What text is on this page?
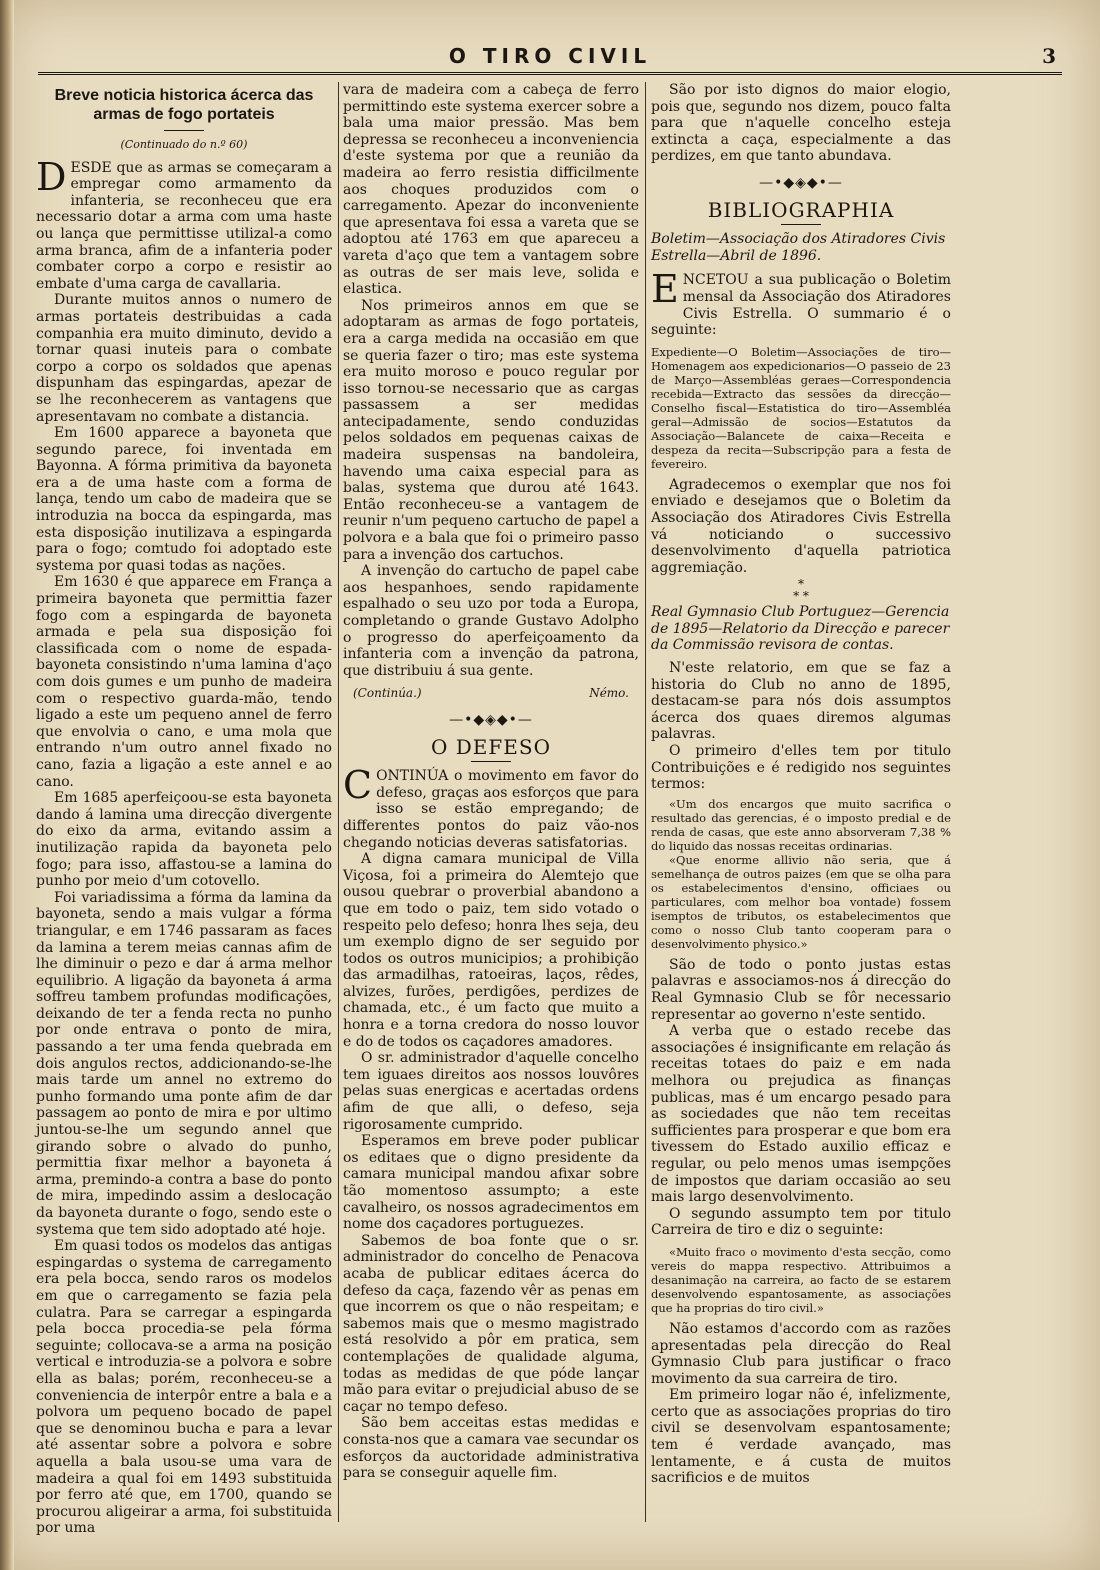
O TIRO CIVIL	3
Breve noticia historica ácerca das armas de fogo portateis
(Continuado do n.º 60)

DESDE que as armas se começaram a empregar como armamento da infanteria, se reconheceu que era necessario dotar a arma com uma haste ou lança que permittisse utilizal-a como arma branca, afim de a infanteria poder combater corpo a corpo e resistir ao embate d'uma carga de cavallaria.

Durante muitos annos o numero de armas portateis destribuidas a cada companhia era muito diminuto, devido a tornar quasi inuteis para o combate corpo a corpo os soldados que apenas dispunham das espingardas, apezar de se lhe reconhecerem as vantagens que apresentavam no combate a distancia.

Em 1600 apparece a bayoneta que segundo parece, foi inventada em Bayonna. A fórma primitiva da bayoneta era a de uma haste com a forma de lança, tendo um cabo de madeira que se introduzia na bocca da espingarda, mas esta disposição inutilizava a espingarda para o fogo; comtudo foi adoptado este systema por quasi todas as nações.

Em 1630 é que apparece em França a primeira bayoneta que permittia fazer fogo com a espingarda de bayoneta armada e pela sua disposição foi classificada com o nome de espada-bayoneta consistindo n'uma lamina d'aço com dois gumes e um punho de madeira com o respectivo guarda-mão, tendo ligado a este um pequeno annel de ferro que envolvia o cano, e uma mola que entrando n'um outro annel fixado no cano, fazia a ligação a este annel e ao cano.

Em 1685 aperfeiçoou-se esta bayoneta dando á lamina uma direcção divergente do eixo da arma, evitando assim a inutilização rapida da bayoneta pelo fogo; para isso, affastou-se a lamina do punho por meio d'um cotovello.

Foi variadissima a fórma da lamina da bayoneta, sendo a mais vulgar a fórma triangular, e em 1746 passaram as faces da lamina a terem meias cannas afim de lhe diminuir o pezo e dar á arma melhor equilibrio. A ligação da bayoneta á arma soffreu tambem profundas modificações, deixando de ter a fenda recta no punho por onde entrava o ponto de mira, passando a ter uma fenda quebrada em dois angulos rectos, addicionando-se-lhe mais tarde um annel no extremo do punho formando uma ponte afim de dar passagem ao ponto de mira e por ultimo juntou-se-lhe um segundo annel que girando sobre o alvado do punho, permittia fixar melhor a bayoneta á arma, premindo-a contra a base do ponto de mira, impedindo assim a deslocação da bayoneta durante o fogo, sendo este o systema que tem sido adoptado até hoje.

Em quasi todos os modelos das antigas espingardas o systema de carregamento era pela bocca, sendo raros os modelos em que o carregamento se fazia pela culatra. Para se carregar a espingarda pela bocca procedia-se pela fórma seguinte; collocava-se a arma na posição vertical e introduzia-se a polvora e sobre ella as balas; porém, reconheceu-se a conveniencia de interpôr entre a bala e a polvora um pequeno bocado de papel que se denominou bucha e para a levar até assentar sobre a polvora e sobre aquella a bala usou-se uma vara de madeira a qual foi em 1493 substituida por ferro até que, em 1700, quando se procurou aligeirar a arma, foi substituida por uma

vara de madeira com a cabeça de ferro permittindo este systema exercer sobre a bala uma maior pressão. Mas bem depressa se reconheceu a inconveniencia d'este systema por que a reunião da madeira ao ferro resistia difficilmente aos choques produzidos com o carregamento. Apezar do inconveniente que apresentava foi essa a vareta que se adoptou até 1763 em que apareceu a vareta d'aço que tem a vantagem sobre as outras de ser mais leve, solida e elastica.

Nos primeiros annos em que se adoptaram as armas de fogo portateis, era a carga medida na occasião em que se queria fazer o tiro; mas este systema era muito moroso e pouco regular por isso tornou-se necessario que as cargas passassem a ser medidas antecipadamente, sendo conduzidas pelos soldados em pequenas caixas de madeira suspensas na bandoleira, havendo uma caixa especial para as balas, systema que durou até 1643. Então reconheceu-se a vantagem de reunir n'um pequeno cartucho de papel a polvora e a bala que foi o primeiro passo para a invenção dos cartuchos.

A invenção do cartucho de papel cabe aos hespanhoes, sendo rapidamente espalhado o seu uzo por toda a Europa, completando o grande Gustavo Adolpho o progresso do aperfeiçoamento da infanteria com a invenção da patrona, que distribuiu á sua gente.

(Continúa.)	Némo.
—•◆◈◆•—
O DEFESO

CONTINÚA o movimento em favor do defeso, graças aos esforços que para isso se estão empregando; de differentes pontos do paiz vão-nos chegando noticias deveras satisfatorias.

A digna camara municipal de Villa Viçosa, foi a primeira do Alemtejo que ousou quebrar o proverbial abandono a que em todo o paiz, tem sido votado o respeito pelo defeso; honra lhes seja, deu um exemplo digno de ser seguido por todos os outros municipios; a prohibição das armadilhas, ratoeiras, laços, rêdes, alvizes, furões, perdigões, perdizes de chamada, etc., é um facto que muito a honra e a torna credora do nosso louvor e do de todos os caçadores amadores.

O sr. administrador d'aquelle concelho tem iguaes direitos aos nossos louvôres pelas suas energicas e acertadas ordens afim de que alli, o defeso, seja rigorosamente cumprido.

Esperamos em breve poder publicar os editaes que o digno presidente da camara municipal mandou afixar sobre tão momentoso assumpto; a este cavalheiro, os nossos agradecimentos em nome dos caçadores portuguezes.

Sabemos de boa fonte que o sr. administrador do concelho de Penacova acaba de publicar editaes ácerca do defeso da caça, fazendo vêr as penas em que incorrem os que o não respeitam; e sabemos mais que o mesmo magistrado está resolvido a pôr em pratica, sem contemplações de qualidade alguma, todas as medidas de que póde lançar mão para evitar o prejudicial abuso de se caçar no tempo defeso.

São bem acceitas estas medidas e consta-nos que a camara vae secundar os esforços da auctoridade administrativa para se conseguir aquelle fim.

São por isto dignos do maior elogio, pois que, segundo nos dizem, pouco falta para que n'aquelle concelho esteja extincta a caça, especialmente a das perdizes, em que tanto abundava.

—•◆◈◆•—
BIBLIOGRAPHIA

Boletim—Associação dos Atiradores Civis Estrella—Abril de 1896.

ENCETOU a sua publicação o Boletim mensal da Associação dos Atiradores Civis Estrella. O summario é o seguinte:

Expediente—O Boletim—Associações de tiro—Homenagem aos expedicionarios—O passeio de 23 de Março—Assembléas geraes—Correspondencia recebida—Extracto das sessões da direcção—Conselho fiscal—Estatistica do tiro—Assembléa geral—Admissão de socios—Estatutos da Associação—Balancete de caixa—Receita e despeza da recita—Subscripção para a festa de fevereiro.

Agradecemos o exemplar que nos foi enviado e desejamos que o Boletim da Associação dos Atiradores Civis Estrella vá noticiando o successivo desenvolvimento d'aquella patriotica aggremiação.

*
* *

Real Gymnasio Club Portuguez—Gerencia de 1895—Relatorio da Direcção e parecer da Commissão revisora de contas.

N'este relatorio, em que se faz a historia do Club no anno de 1895, destacam-se para nós dois assumptos ácerca dos quaes diremos algumas palavras.

O primeiro d'elles tem por titulo Contribuições e é redigido nos seguintes termos:

«Um dos encargos que muito sacrifica o resultado das gerencias, é o imposto predial e de renda de casas, que este anno absorveram 7,38 % do liquido das nossas receitas ordinarias.

«Que enorme allivio não seria, que á semelhança de outros paizes (em que se olha para os estabelecimentos d'ensino, officiaes ou particulares, com melhor boa vontade) fossem isemptos de tributos, os estabelecimentos que como o nosso Club tanto cooperam para o desenvolvimento physico.»

São de todo o ponto justas estas palavras e associamos-nos á direcção do Real Gymnasio Club se fôr necessario representar ao governo n'este sentido.

A verba que o estado recebe das associações é insignificante em relação ás receitas totaes do paiz e em nada melhora ou prejudica as finanças publicas, mas é um encargo pesado para as sociedades que não tem receitas sufficientes para prosperar e que bom era tivessem do Estado auxilio efficaz e regular, ou pelo menos umas isempções de impostos que dariam occasião ao seu mais largo desenvolvimento.

O segundo assumpto tem por titulo Carreira de tiro e diz o seguinte:

«Muito fraco o movimento d'esta secção, como vereis do mappa respectivo. Attribuimos a desanimação na carreira, ao facto de se estarem desenvolvendo espantosamente, as associações que ha proprias do tiro civil.»

Não estamos d'accordo com as razões apresentadas pela direcção do Real Gymnasio Club para justificar o fraco movimento da sua carreira de tiro.

Em primeiro logar não é, infelizmente, certo que as associações proprias do tiro civil se desenvolvam espantosamente; tem é verdade avançado, mas lentamente, e á custa de muitos sacrificios e de muitos
